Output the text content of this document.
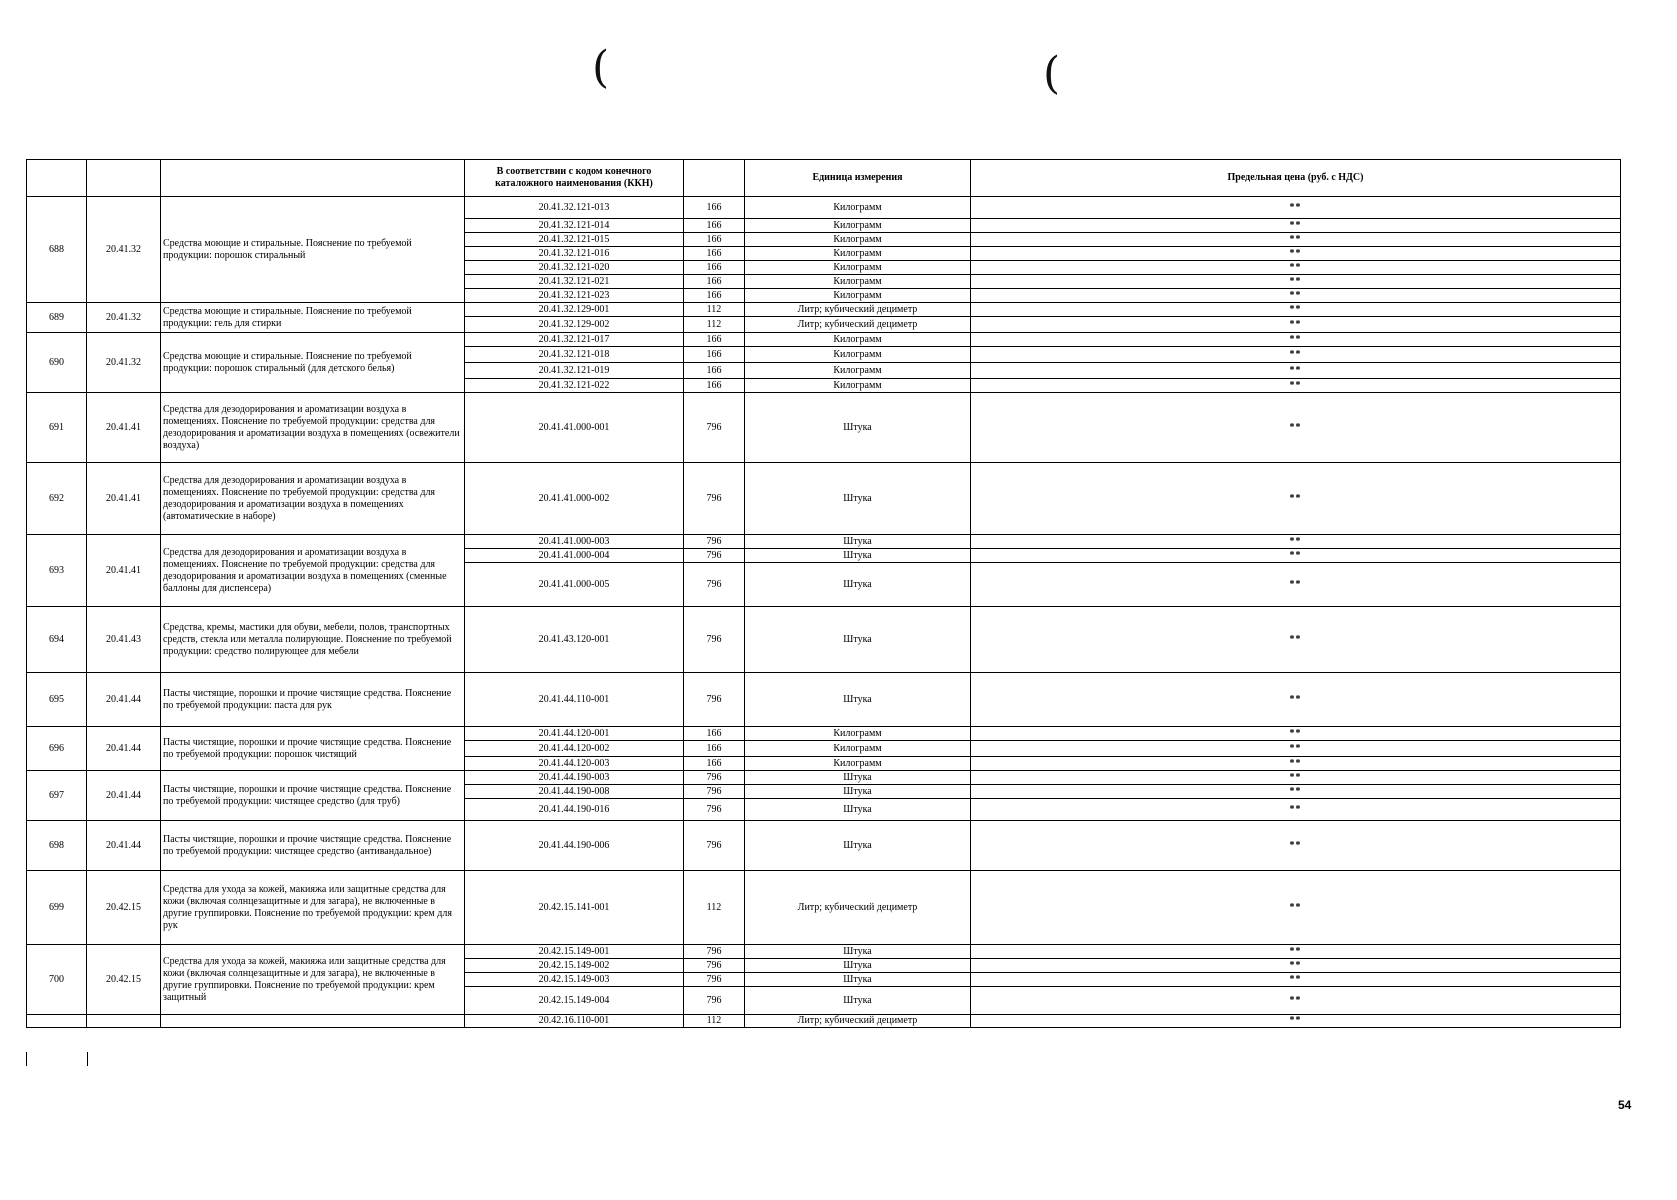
(	(
			В соответствии с кодом конечного каталожного наименования (ККН)		Единица измерения	Предельная цена (руб. с НДС)
688	20.41.32	Средства моющие и стиральные. Пояснение по требуемой продукции: порошок стиральный	20.41.32.121-013	166	Килограмм	**
			20.41.32.121-014	166	Килограмм	**
			20.41.32.121-015	166	Килограмм	**
			20.41.32.121-016	166	Килограмм	**
			20.41.32.121-020	166	Килограмм	**
			20.41.32.121-021	166	Килограмм	**
			20.41.32.121-023	166	Килограмм	**
689	20.41.32	Средства моющие и стиральные. Пояснение по требуемой продукции: гель для стирки	20.41.32.129-001	112	Литр; кубический дециметр	**
			20.41.32.129-002	112	Литр; кубический дециметр	**
690	20.41.32	Средства моющие и стиральные. Пояснение по требуемой продукции: порошок стиральный (для детского белья)	20.41.32.121-017	166	Килограмм	**
			20.41.32.121-018	166	Килограмм	**
			20.41.32.121-019	166	Килограмм	**
			20.41.32.121-022	166	Килограмм	**
691	20.41.41	Средства для дезодорирования и ароматизации воздуха в помещениях. Пояснение по требуемой продукции: средства для дезодорирования и ароматизации воздуха в помещениях (освежители воздуха)	20.41.41.000-001	796	Штука	**
692	20.41.41	Средства для дезодорирования и ароматизации воздуха в помещениях. Пояснение по требуемой продукции: средства для дезодорирования и ароматизации воздуха в помещениях (автоматические в наборе)	20.41.41.000-002	796	Штука	**
693	20.41.41	Средства для дезодорирования и ароматизации воздуха в помещениях. Пояснение по требуемой продукции: средства для дезодорирования и ароматизации воздуха в помещениях (сменные баллоны для диспенсера)	20.41.41.000-003	796	Штука	**
			20.41.41.000-004	796	Штука	**
			20.41.41.000-005	796	Штука	**
694	20.41.43	Средства, кремы, мастики для обуви, мебели, полов, транспортных средств, стекла или металла полирующие. Пояснение по требуемой продукции: средство полирующее для мебели	20.41.43.120-001	796	Штука	**
695	20.41.44	Пасты чистящие, порошки и прочие чистящие средства. Пояснение по требуемой продукции: паста для рук	20.41.44.110-001	796	Штука	**
696	20.41.44	Пасты чистящие, порошки и прочие чистящие средства. Пояснение по требуемой продукции: порошок чистящий	20.41.44.120-001	166	Килограмм	**
			20.41.44.120-002	166	Килограмм	**
			20.41.44.120-003	166	Килограмм	**
697	20.41.44	Пасты чистящие, порошки и прочие чистящие средства. Пояснение по требуемой продукции: чистящее средство (для труб)	20.41.44.190-003	796	Штука	**
			20.41.44.190-008	796	Штука	**
			20.41.44.190-016	796	Штука	**
698	20.41.44	Пасты чистящие, порошки и прочие чистящие средства. Пояснение по требуемой продукции: чистящее средство (антивандальное)	20.41.44.190-006	796	Штука	**
699	20.42.15	Средства для ухода за кожей, макияжа или защитные средства для кожи (включая солнцезащитные и для загара), не включенные в другие группировки. Пояснение по требуемой продукции: крем для рук	20.42.15.141-001	112	Литр; кубический дециметр	**
700	20.42.15	Средства для ухода за кожей, макияжа или защитные средства для кожи (включая солнцезащитные и для загара), не включенные в другие группировки. Пояснение по требуемой продукции: крем защитный	20.42.15.149-001	796	Штука	**
			20.42.15.149-002	796	Штука	**
			20.42.15.149-003	796	Штука	**
			20.42.15.149-004	796	Штука	**
			20.42.16.110-001	112	Литр; кубический дециметр	**
54
